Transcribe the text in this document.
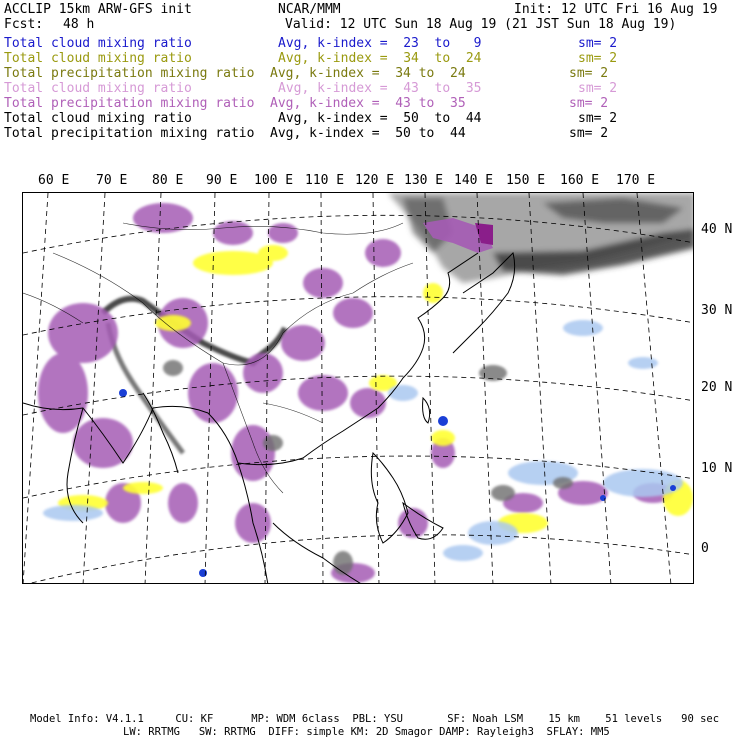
ACCLIP 15km ARW-GFS init	NCAR/MMM	Init: 12 UTC Fri 16 Aug 19
Fcst: 48 h	Valid: 12 UTC Sun 18 Aug 19 (21 JST Sun 18 Aug 19)
Total cloud mixing ratio	Avg, k-index =  23  to   9	sm= 2
Total cloud mixing ratio	Avg, k-index =  34  to  24	sm= 2
Total precipitation mixing ratio Avg, k-index =  34 to  24	sm= 2
Total cloud mixing ratio	Avg, k-index =  43  to  35	sm= 2
Total precipitation mixing ratio Avg, k-index =  43 to  35	sm= 2
Total cloud mixing ratio	Avg, k-index =  50  to  44	sm= 2
Total precipitation mixing ratio Avg, k-index =  50 to  44	sm= 2
60 E 70 E 80 E 90 E 100 E 110 E 120 E 130 E 140 E 150 E 160 E 170 E
40 N
30 N
20 N
10 N
0
Model Info: V4.1.1     CU: KF      MP: WDM 6class  PBL: YSU       SF: Noah LSM    15 km    51 levels   90 sec
LW: RRTMG   SW: RRTMG  DIFF: simple KM: 2D Smagor DAMP: Rayleigh3  SFLAY: MM5
